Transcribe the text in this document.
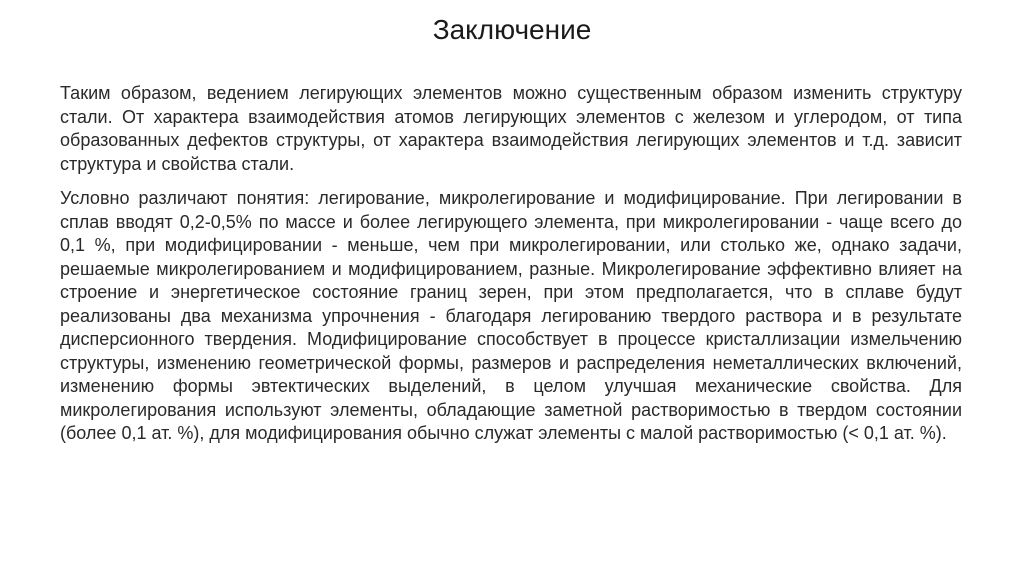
Заключение

Таким образом, ведением легирующих элементов можно существенным образом изменить структуру стали. От характера взаимодействия атомов легирующих элементов с железом и углеродом, от типа образованных дефектов структуры, от характера взаимодействия легирующих элементов и т.д. зависит структура и свойства стали.

Условно различают понятия: легирование, микролегирование и модифицирование. При легировании в сплав вводят 0,2-0,5% по массе и более легирующего элемента, при микролегировании - чаще всего до 0,1 %, при модифицировании - меньше, чем при микролегировании, или столько же, однако задачи, решаемые микролегированием и модифицированием, разные. Микролегирование эффективно влияет на строение и энергетическое состояние границ зерен, при этом предполагается, что в сплаве будут реализованы два механизма упрочнения - благодаря легированию твердого раствора и в результате дисперсионного твердения. Модифицирование способствует в процессе кристаллизации измельчению структуры, изменению геометрической формы, размеров и распределения неметаллических включений, изменению формы эвтектических выделений, в целом улучшая механические свойства. Для микролегирования используют элементы, обладающие заметной растворимостью в твердом состоянии (более 0,1 ат. %), для модифицирования обычно служат элементы с малой растворимостью (< 0,1 ат. %).
